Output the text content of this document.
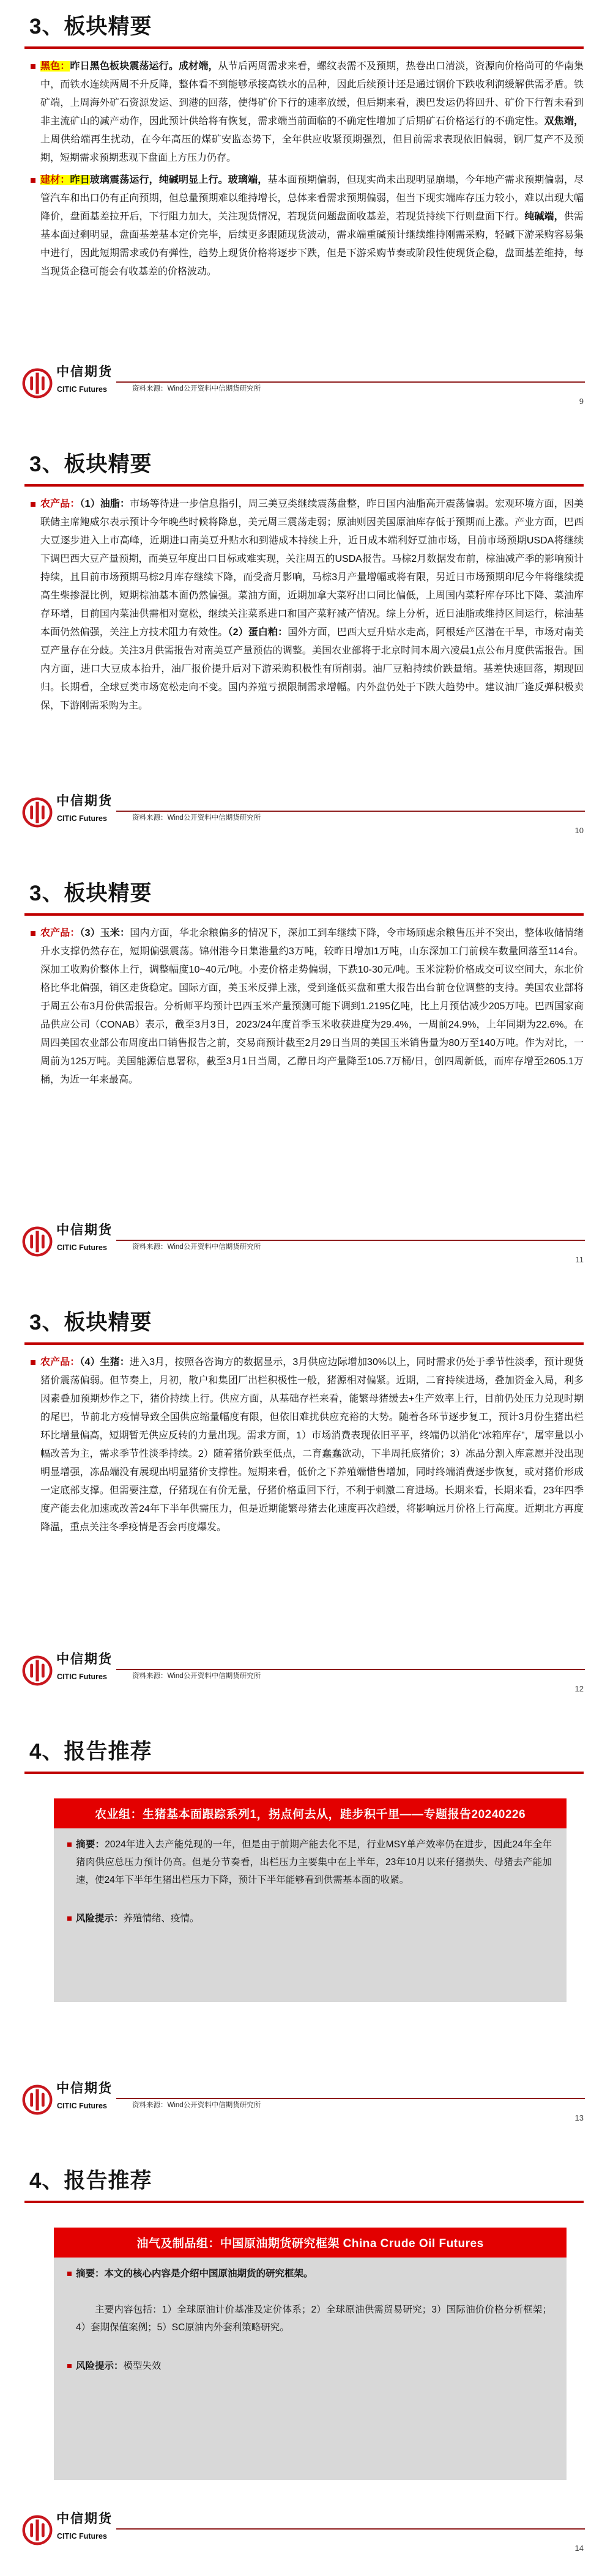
3、板块精要

黑色：昨日黑色板块震荡运行。成材端，从节后两周需求来看，螺纹表需不及预期，热卷出口清淡，资源向价格尚可的华南集中，而铁水连续两周不升反降，整体看不到能够承接高铁水的品种，因此后续预计还是通过钢价下跌收利润缓解供需矛盾。铁矿端，上周海外矿石资源发运、到港的回落，使得矿价下行的速率放缓，但后期来看，澳巴发运仍将回升、矿价下行暂未看到非主流矿山的减产动作，因此预计供给将有恢复，需求端当前面临的不确定性增加了后期矿石价格运行的不确定性。双焦端，上周供给端再生扰动，在今年高压的煤矿安监态势下，全年供应收紧预期强烈，但目前需求表现依旧偏弱，钢厂复产不及预期，短期需求预期悲观下盘面上方压力仍存。

建材：昨日玻璃震荡运行，纯碱明显上行。玻璃端，基本面预期偏弱，但现实尚未出现明显崩塌，今年地产需求预期偏弱，尽管汽车和出口仍有正向预期，但总量预期难以维持增长，总体来看需求预期偏弱，但当下现实端库存压力较小，难以出现大幅降价，盘面基差拉开后，下行阻力加大，关注现货情况，若现货问题盘面收基差，若现货持续下行则盘面下行。纯碱端，供需基本面过剩明显，盘面基差基本定价完毕，后续更多跟随现货波动，需求端重碱预计继续维持刚需采购，轻碱下游采购容易集中进行，因此短期需求或仍有弹性，趋势上现货价格将逐步下跌，但是下游采购节奏或阶段性使现货企稳，盘面基差维持，每当现货企稳可能会有收基差的价格波动。

中信期货
CITIC Futures	资料来源：Wind公开资料中信期货研究所
9
3、板块精要

农产品：（1）油脂：市场等待进一步信息指引，周三美豆类继续震荡盘整，昨日国内油脂高开震荡偏弱。宏观环境方面，因美联储主席鲍威尔表示预计今年晚些时候将降息，美元周三震荡走弱；原油则因美国原油库存低于预期而上涨。产业方面，巴西大豆逐步进入上市高峰，近期进口南美豆升贴水和到港成本持续上升，近日成本端利好豆油市场，目前市场预期USDA将继续下调巴西大豆产量预期，而美豆年度出口目标或难实现，关注周五的USDA报告。马棕2月数据发布前，棕油减产季的影响预计持续，且目前市场预期马棕2月库存继续下降，而受斋月影响，马棕3月产量增幅或将有限，另近日市场预期印尼今年将继续提高生柴掺混比例，短期棕油基本面仍然偏强。菜油方面，近期加拿大菜籽出口同比偏低，上周国内菜籽库存环比下降、菜油库存环增，目前国内菜油供需相对宽松，继续关注菜系进口和国产菜籽减产情况。综上分析，近日油脂或维持区间运行，棕油基本面仍然偏强，关注上方技术阻力有效性。（2）蛋白粕：国外方面，巴西大豆升贴水走高，阿根廷产区潜在干旱，市场对南美豆产量存在分歧。关注3月供需报告对南美豆产量预估的调整。美国农业部将于北京时间本周六凌晨1点公布月度供需报告。国内方面，进口大豆成本抬升，油厂报价提升后对下游采购积极性有所削弱。油厂豆粕持续价跌量缩。基差快速回落，期现回归。长期看，全球豆类市场宽松走向不变。国内养殖亏损限制需求增幅。内外盘仍处于下跌大趋势中。建议油厂逢反弹积极卖保，下游刚需采购为主。

中信期货
CITIC Futures	资料来源：Wind公开资料中信期货研究所
10
3、板块精要

农产品：（3）玉米：国内方面，华北余粮偏多的情况下，深加工到车继续下降，令市场顾虑余粮售压并不突出，整体收储情绪升水支撑仍然存在，短期偏强震荡。锦州港今日集港量约3万吨，较昨日增加1万吨，山东深加工门前候车数量回落至114台。深加工收购价整体上行，调整幅度10~40元/吨。小麦价格走势偏弱，下跌10-30元/吨。玉米淀粉价格成交可议空间大，东北价格比华北偏强，销区走货稳定。国际方面，美玉米反弹上涨，受到逢低买盘和重大报告出台前仓位调整的支持。美国农业部将于周五公布3月份供需报告。分析师平均预计巴西玉米产量预测可能下调到1.2195亿吨，比上月预估减少205万吨。巴西国家商品供应公司（CONAB）表示，截至3月3日，2023/24年度首季玉米收获进度为29.4%，一周前24.9%，上年同期为22.6%。在周四美国农业部公布周度出口销售报告之前，交易商预计截至2月29日当周的美国玉米销售量为80万至140万吨。作为对比，一周前为125万吨。美国能源信息署称，截至3月1日当周，乙醇日均产量降至105.7万桶/日，创四周新低，而库存增至2605.1万桶，为近一年来最高。

中信期货
CITIC Futures	资料来源：Wind公开资料中信期货研究所
11
3、板块精要

农产品：（4）生猪：进入3月，按照各咨询方的数据显示，3月供应边际增加30%以上，同时需求仍处于季节性淡季，预计现货猪价震荡偏弱。但节奏上，月初，散户和集团厂出栏积极性一般，猪源相对偏紧。近期，二育持续进场，叠加资金入局，利多因素叠加预期炒作之下，猪价持续上行。供应方面，从基础存栏来看，能繁母猪缓去+生产效率上行，目前仍处压力兑现时期的尾巴，节前北方疫情导致全国供应缩量幅度有限，但依旧难扰供应充裕的大势。随着各环节逐步复工，预计3月份生猪出栏环比增量偏高，短期暂无供应反转的力量出现。需求方面，1）市场消费表现依旧平平，终端仍以消化“冰箱库存”，屠宰量以小幅改善为主，需求季节性淡季持续。2）随着猪价跌至低点，二育蠢蠢欲动，下半周托底猪价；3）冻品分割入库意愿并没出现明显增强，冻品端没有展现出明显猪价支撑性。短期来看，低价之下养殖端惜售增加，同时终端消费逐步恢复，或对猪价形成一定底部支撑。但需要注意，仔猪现在有价无量，仔猪价格重回下行，不利于刺激二育进场。长期来看，长期来看，23年四季度产能去化加速或改善24年下半年供需压力，但是近期能繁母猪去化速度再次趋缓，将影响远月价格上行高度。近期北方再度降温，重点关注冬季疫情是否会再度爆发。

中信期货
CITIC Futures	资料来源：Wind公开资料中信期货研究所
12
4、报告推荐
农业组：生猪基本面跟踪系列1，拐点何去从，跬步积千里——专题报告20240226

摘要：2024年进入去产能兑现的一年，但是由于前期产能去化不足，行业MSY单产效率仍在进步，因此24年全年猪肉供应总压力预计仍高。但是分节奏看，出栏压力主要集中在上半年，23年10月以来仔猪损失、母猪去产能加速，使24年下半年生猪出栏压力下降，预计下半年能够看到供需基本面的收紧。

风险提示：养殖情绪、疫情。

中信期货
CITIC Futures	资料来源：Wind公开资料中信期货研究所
13
4、报告推荐
油气及制品组：中国原油期货研究框架 China Crude Oil Futures

摘要：本文的核心内容是介绍中国原油期货的研究框架。

主要内容包括：1）全球原油计价基准及定价体系；2）全球原油供需贸易研究；3）国际油价价格分析框架；4）套期保值案例；5）SC原油内外套利策略研究。

风险提示：模型失效

中信期货
CITIC Futures
14
